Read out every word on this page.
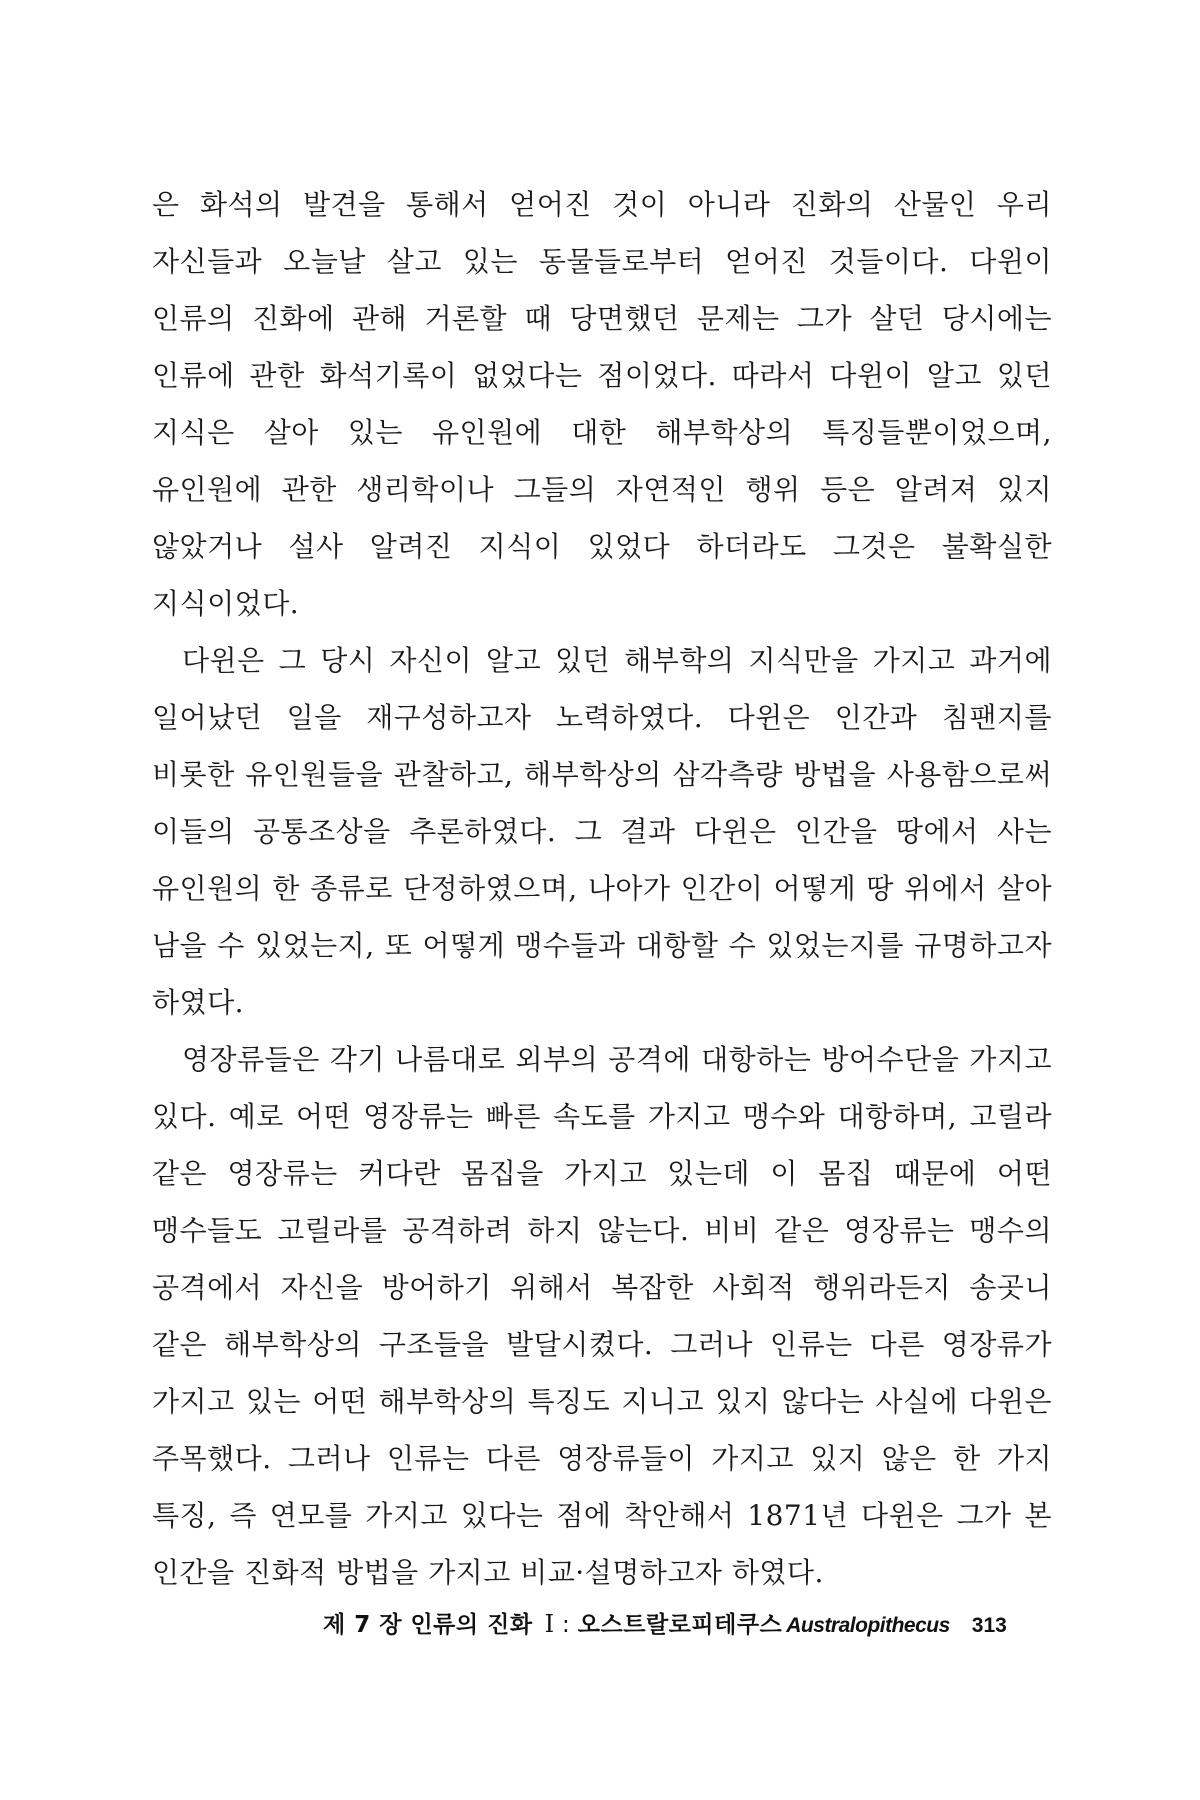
은 화석의 발견을 통해서 얻어진 것이 아니라 진화의 산물인 우리 자신들과 오늘날 살고 있는 동물들로부터 얻어진 것들이다. 다윈이 인류의 진화에 관해 거론할 때 당면했던 문제는 그가 살던 당시에는 인류에 관한 화석기록이 없었다는 점이었다. 따라서 다윈이 알고 있던 지식은 살아 있는 유인원에 대한 해부학상의 특징들뿐이었으며, 유인원에 관한 생리학이나 그들의 자연적인 행위 등은 알려져 있지 않았거나 설사 알려진 지식이 있었다 하더라도 그것은 불확실한 지식이었다.

다윈은 그 당시 자신이 알고 있던 해부학의 지식만을 가지고 과거에 일어났던 일을 재구성하고자 노력하였다. 다윈은 인간과 침팬지를 비롯한 유인원들을 관찰하고, 해부학상의 삼각측량 방법을 사용함으로써 이들의 공통조상을 추론하였다. 그 결과 다윈은 인간을 땅에서 사는 유인원의 한 종류로 단정하였으며, 나아가 인간이 어떻게 땅 위에서 살아 남을 수 있었는지, 또 어떻게 맹수들과 대항할 수 있었는지를 규명하고자 하였다.

영장류들은 각기 나름대로 외부의 공격에 대항하는 방어수단을 가지고 있다. 예로 어떤 영장류는 빠른 속도를 가지고 맹수와 대항하며, 고릴라 같은 영장류는 커다란 몸집을 가지고 있는데 이 몸집 때문에 어떤 맹수들도 고릴라를 공격하려 하지 않는다. 비비 같은 영장류는 맹수의 공격에서 자신을 방어하기 위해서 복잡한 사회적 행위라든지 송곳니 같은 해부학상의 구조들을 발달시켰다. 그러나 인류는 다른 영장류가 가지고 있는 어떤 해부학상의 특징도 지니고 있지 않다는 사실에 다윈은 주목했다. 그러나 인류는 다른 영장류들이 가지고 있지 않은 한 가지 특징, 즉 연모를 가지고 있다는 점에 착안해서 1871년 다윈은 그가 본 인간을 진화적 방법을 가지고 비교·설명하고자 하였다.

제 7 장 인류의 진화 Ⅰ : 오스트랄로피테쿠스 Australopithecus 313
